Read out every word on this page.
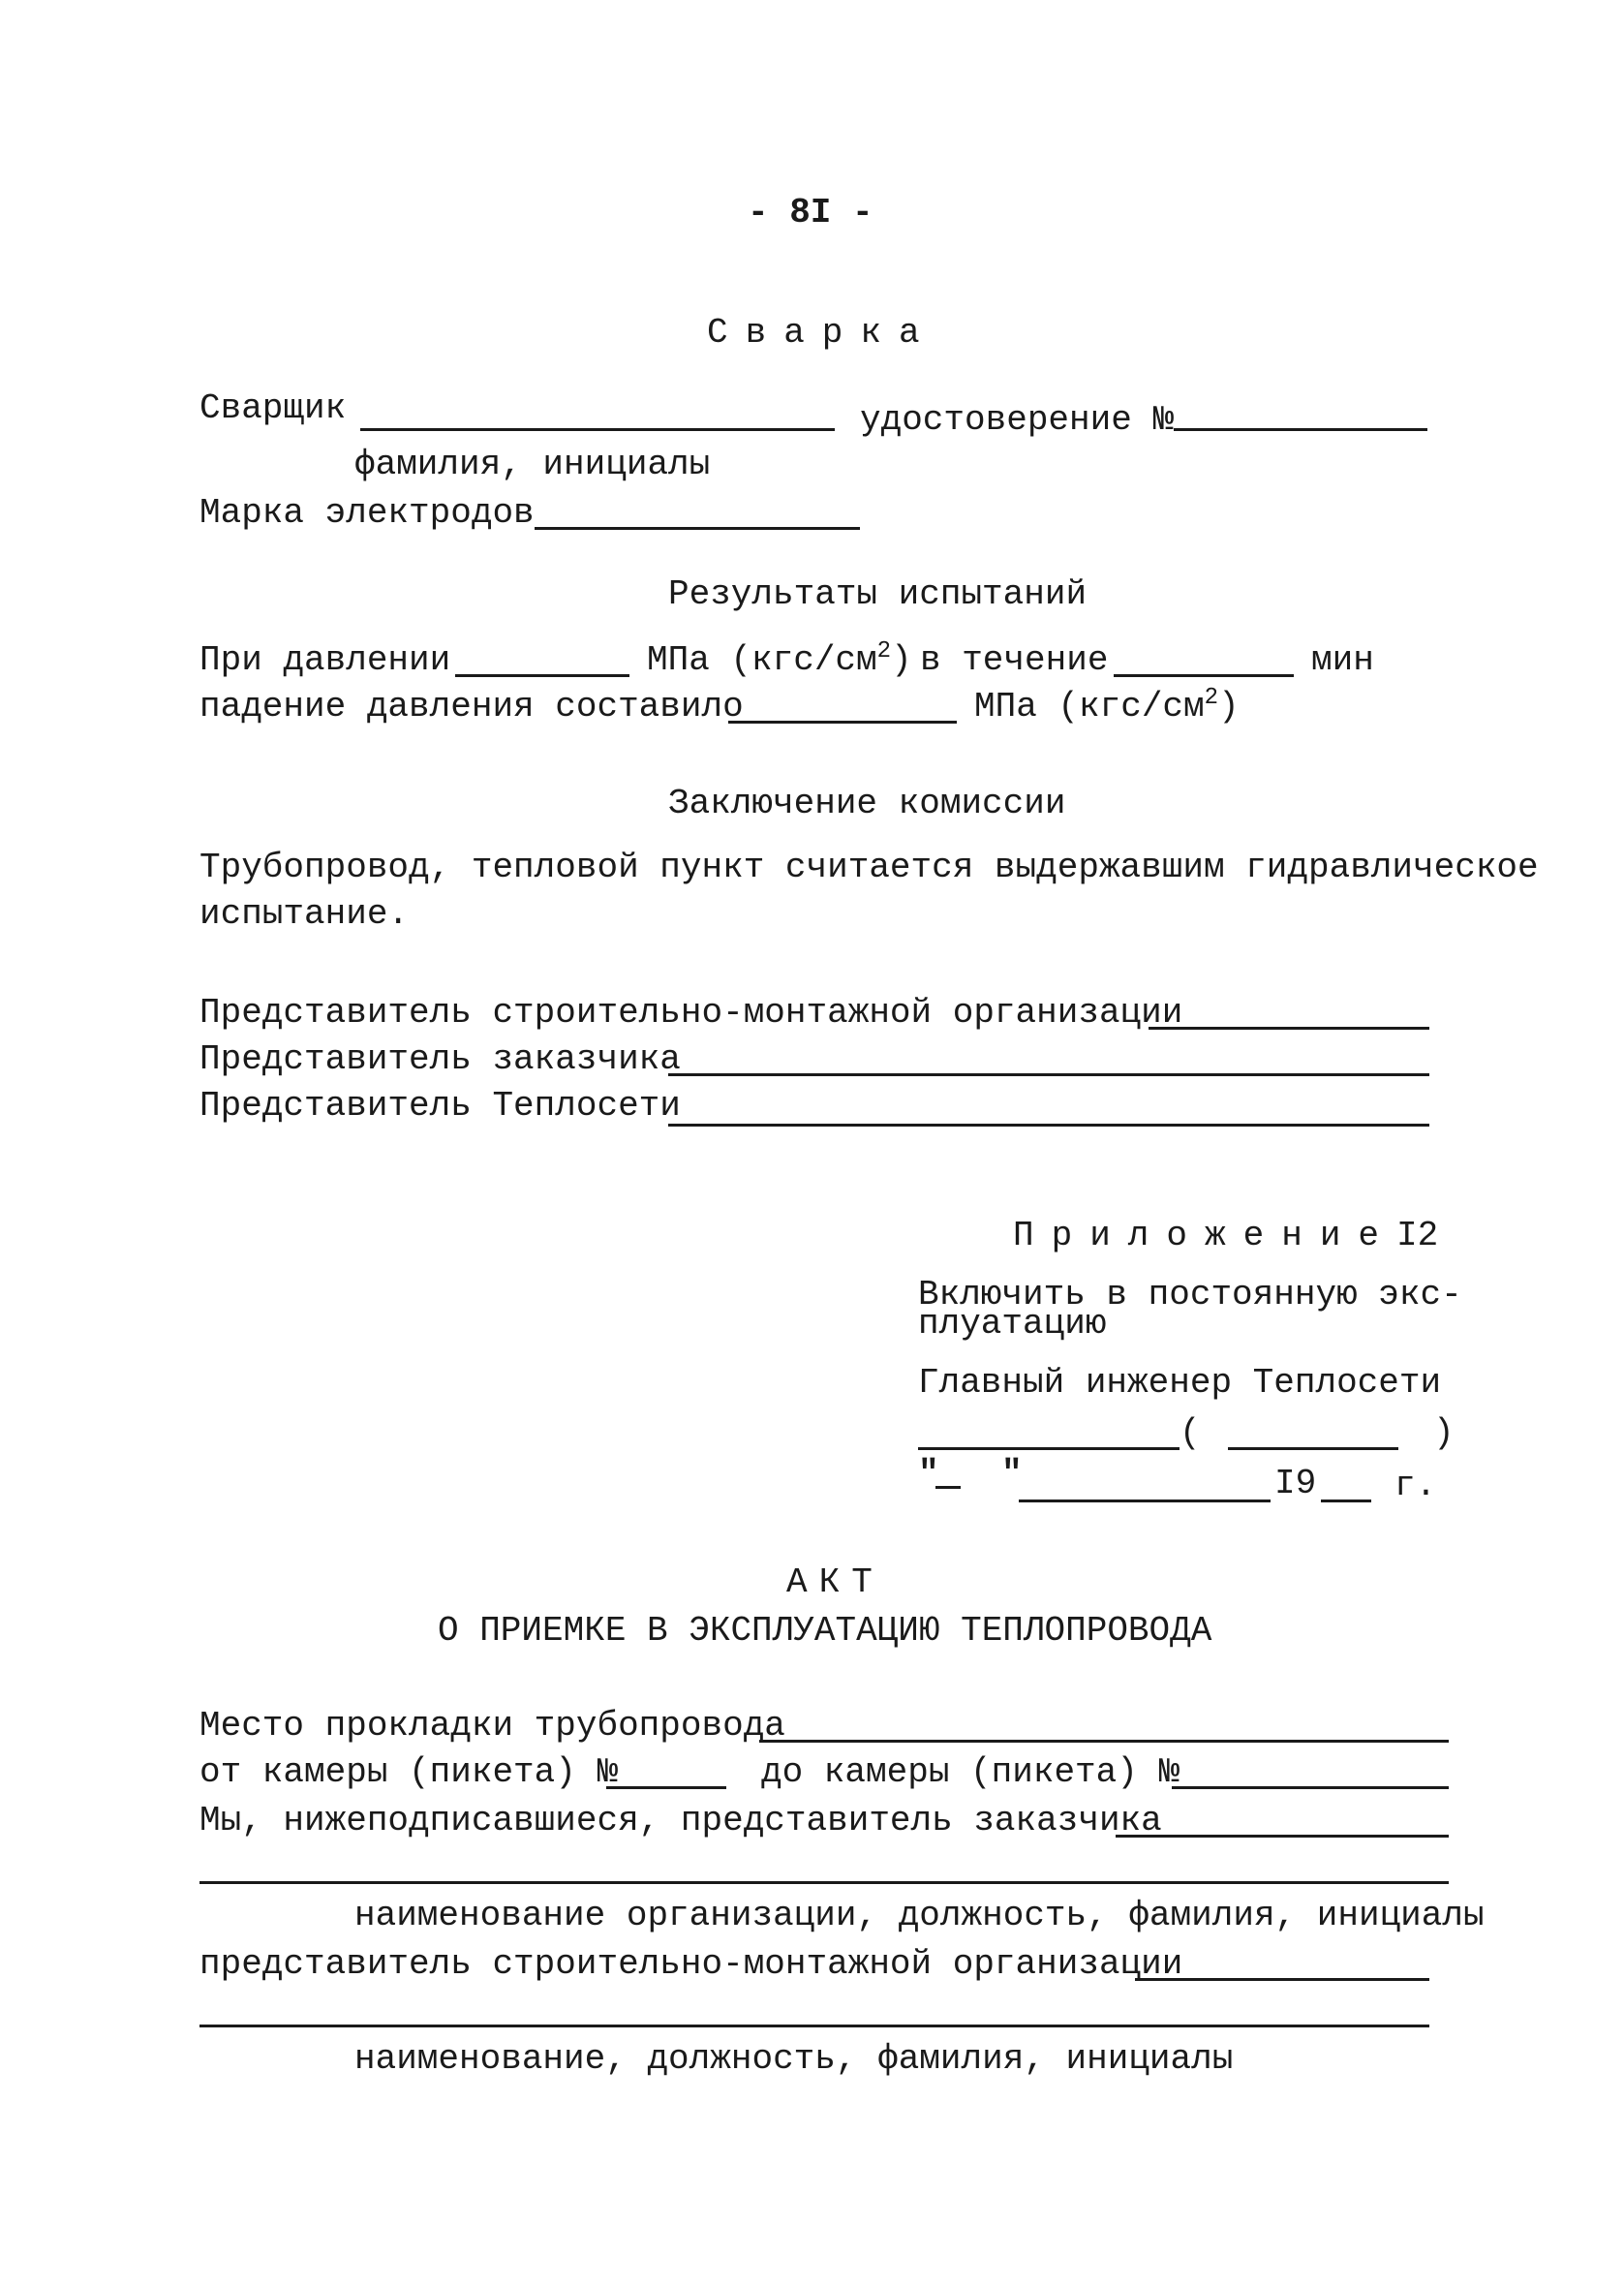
- 8I -
Сварка
Сварщик	удостоверение №
фамилия, инициалы
Марка электродов
Результаты испытаний
При давлении	МПа $(кгс/см^2)$ в течение	мин
падение давления составило	МПа $(кгс/см^2)$
Заключение комиссии
Трубопровод, тепловой пункт считается выдержавшим гидравлическое
испытание.
Представитель строительно-монтажной организации
Представитель заказчика
Представитель Теплосети
ПриложениеI2
Включить в постоянную экс-
плуатацию
Главный инженер Теплосети
(	)
" "	I9 г.
АКТ
О ПРИЕМКЕ В ЭКСПЛУАТАЦИЮ ТЕПЛОПРОВОДА
Место прокладки трубопровода
от камеры (пикета) №	до камеры (пикета) №
Мы, нижеподписавшиеся, представитель заказчика
наименование организации, должность, фамилия, инициалы
представитель строительно-монтажной организации
наименование, должность, фамилия, инициалы
